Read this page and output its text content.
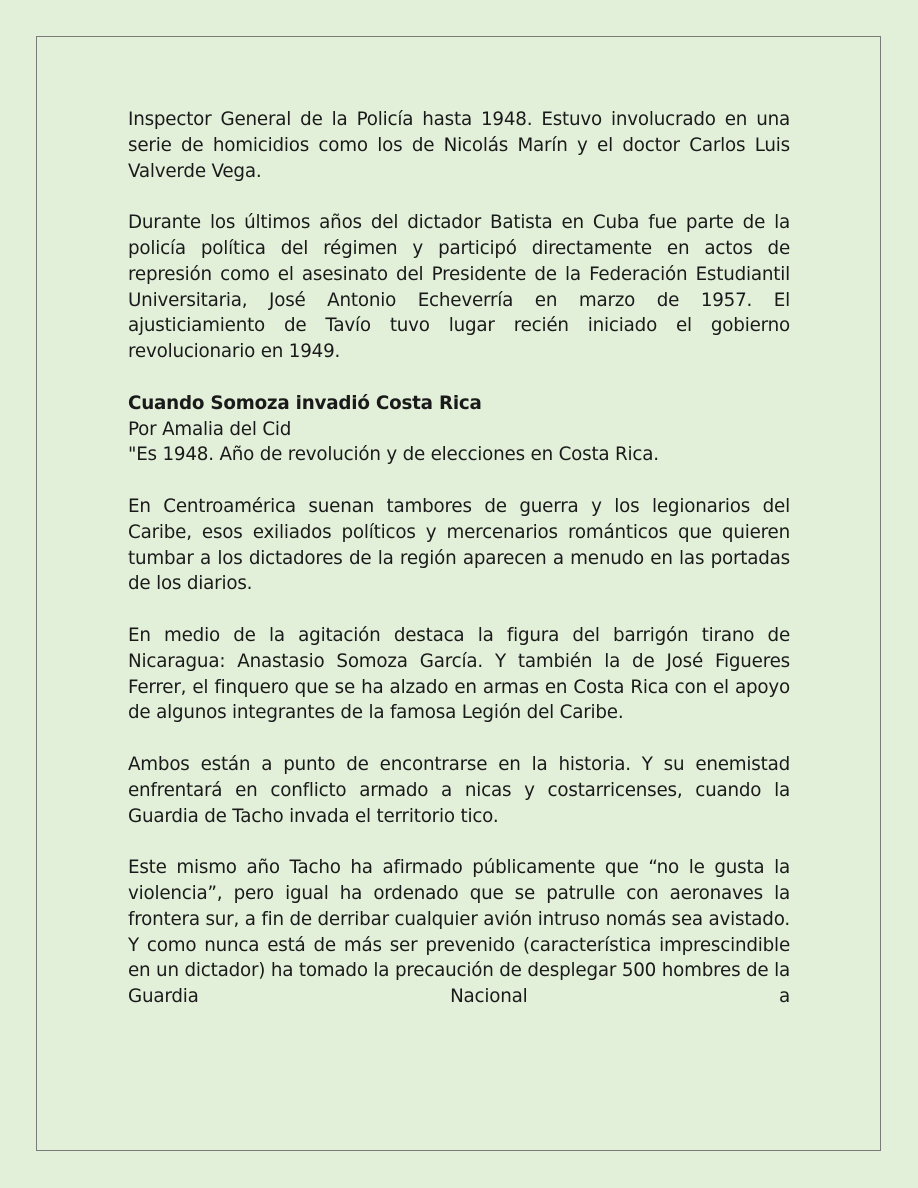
Inspector General de la Policía hasta 1948. Estuvo involucrado en una serie de homicidios como los de Nicolás Marín y el doctor Carlos Luis Valverde Vega.

Durante los últimos años del dictador Batista en Cuba fue parte de la policía política del régimen y participó directamente en actos de represión como el asesinato del Presidente de la Federación Estudiantil Universitaria, José Antonio Echeverría en marzo de 1957. El ajusticiamiento de Tavío tuvo lugar recién iniciado el gobierno revolucionario en 1949.

Cuando Somoza invadió Costa Rica
Por Amalia del Cid
"Es 1948. Año de revolución y de elecciones en Costa Rica.

En Centroamérica suenan tambores de guerra y los legionarios del Caribe, esos exiliados políticos y mercenarios románticos que quieren tumbar a los dictadores de la región aparecen a menudo en las portadas de los diarios.

En medio de la agitación destaca la figura del barrigón tirano de Nicaragua: Anastasio Somoza García. Y también la de José Figueres Ferrer, el finquero que se ha alzado en armas en Costa Rica con el apoyo de algunos integrantes de la famosa Legión del Caribe.

Ambos están a punto de encontrarse en la historia. Y su enemistad enfrentará en conflicto armado a nicas y costarricenses, cuando la Guardia de Tacho invada el territorio tico.

Este mismo año Tacho ha afirmado públicamente que “no le gusta la violencia”, pero igual ha ordenado que se patrulle con aeronaves la frontera sur, a fin de derribar cualquier avión intruso nomás sea avistado. Y como nunca está de más ser prevenido (característica imprescindible en un dictador) ha tomado la precaución de desplegar 500 hombres de la Guardia Nacional a
